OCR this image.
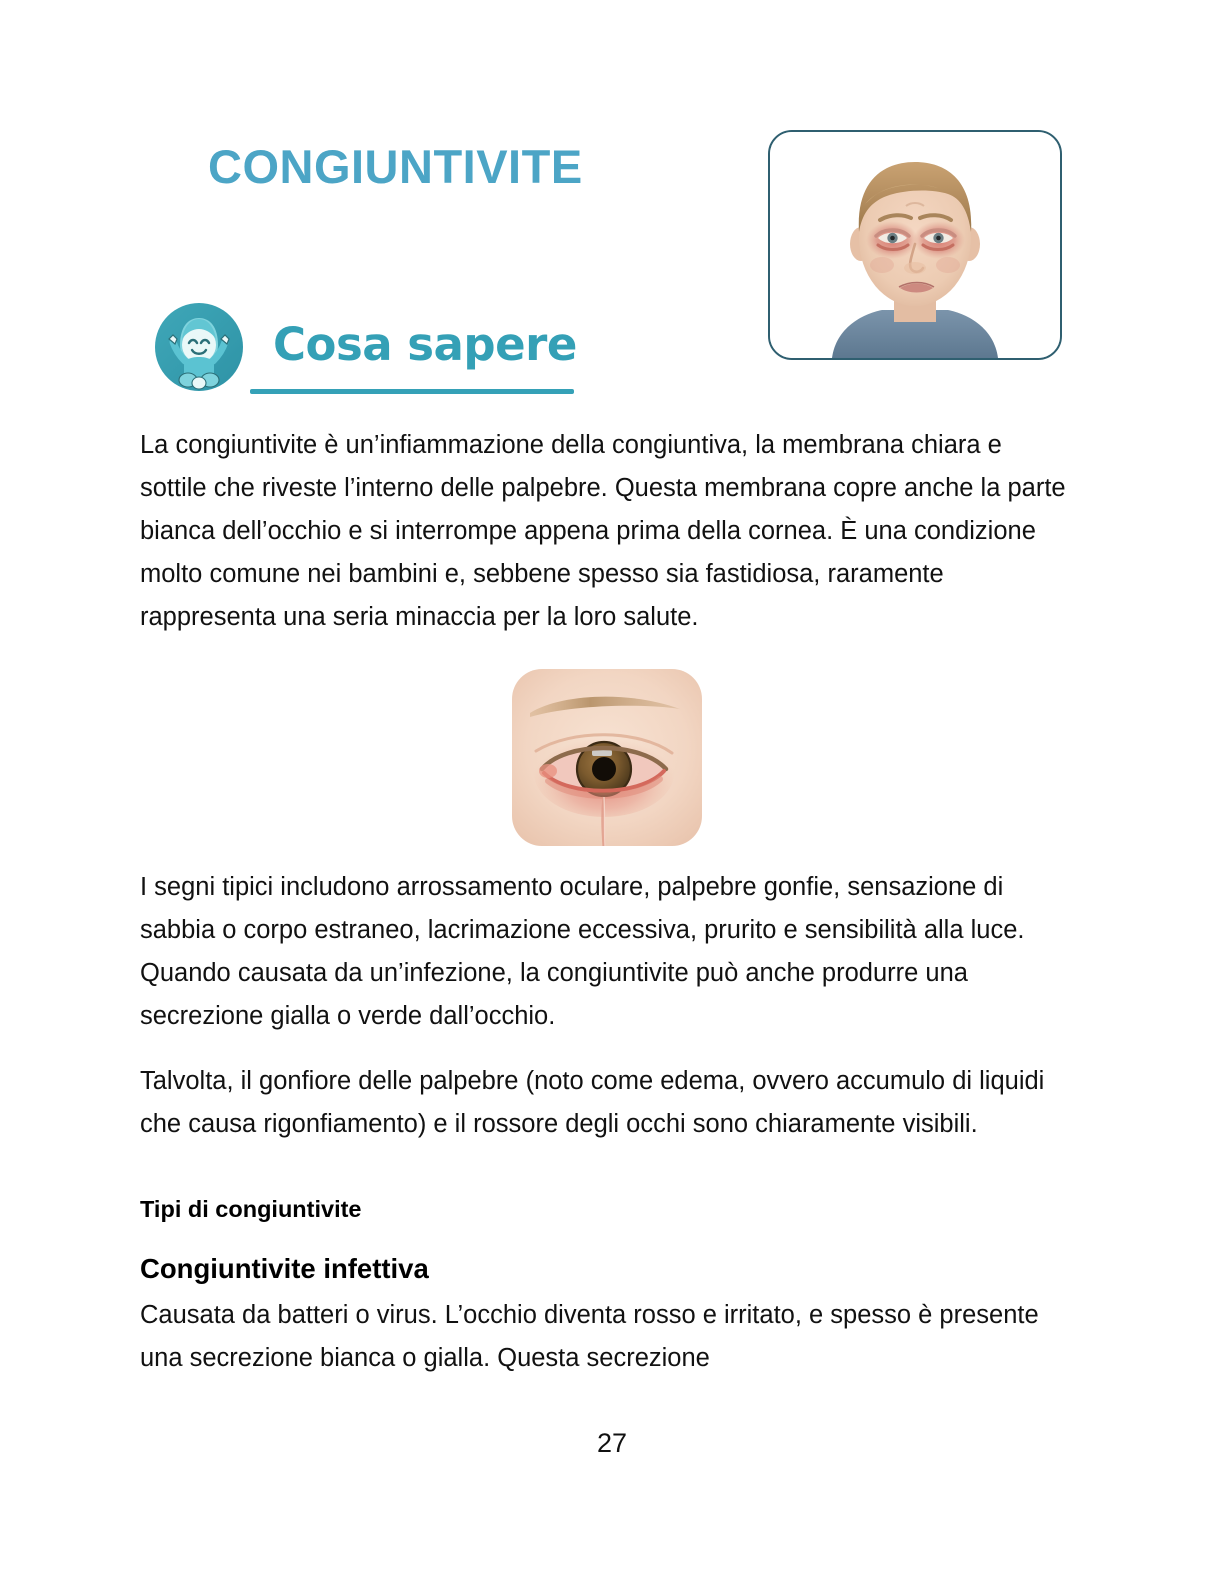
CONGIUNTIVITE
Cosa sapere
La congiuntivite è un’infiammazione della congiuntiva, la membrana chiara e sottile che riveste l’interno delle palpebre. Questa membrana copre anche la parte bianca dell’occhio e si interrompe appena prima della cornea. È una condizione molto comune nei bambini e, sebbene spesso sia fastidiosa, raramente rappresenta una seria minaccia per la loro salute.
I segni tipici includono arrossamento oculare, palpebre gonfie, sensazione di sabbia o corpo estraneo, lacrimazione eccessiva, prurito e sensibilità alla luce. Quando causata da un’infezione, la congiuntivite può anche produrre una secrezione gialla o verde dall’occhio.
Talvolta, il gonfiore delle palpebre (noto come edema, ovvero accumulo di liquidi che causa rigonfiamento) e il rossore degli occhi sono chiaramente visibili.
Tipi di congiuntivite
Congiuntivite infettiva
Causata da batteri o virus. L’occhio diventa rosso e irritato, e spesso è presente una secrezione bianca o gialla. Questa secrezione
27
